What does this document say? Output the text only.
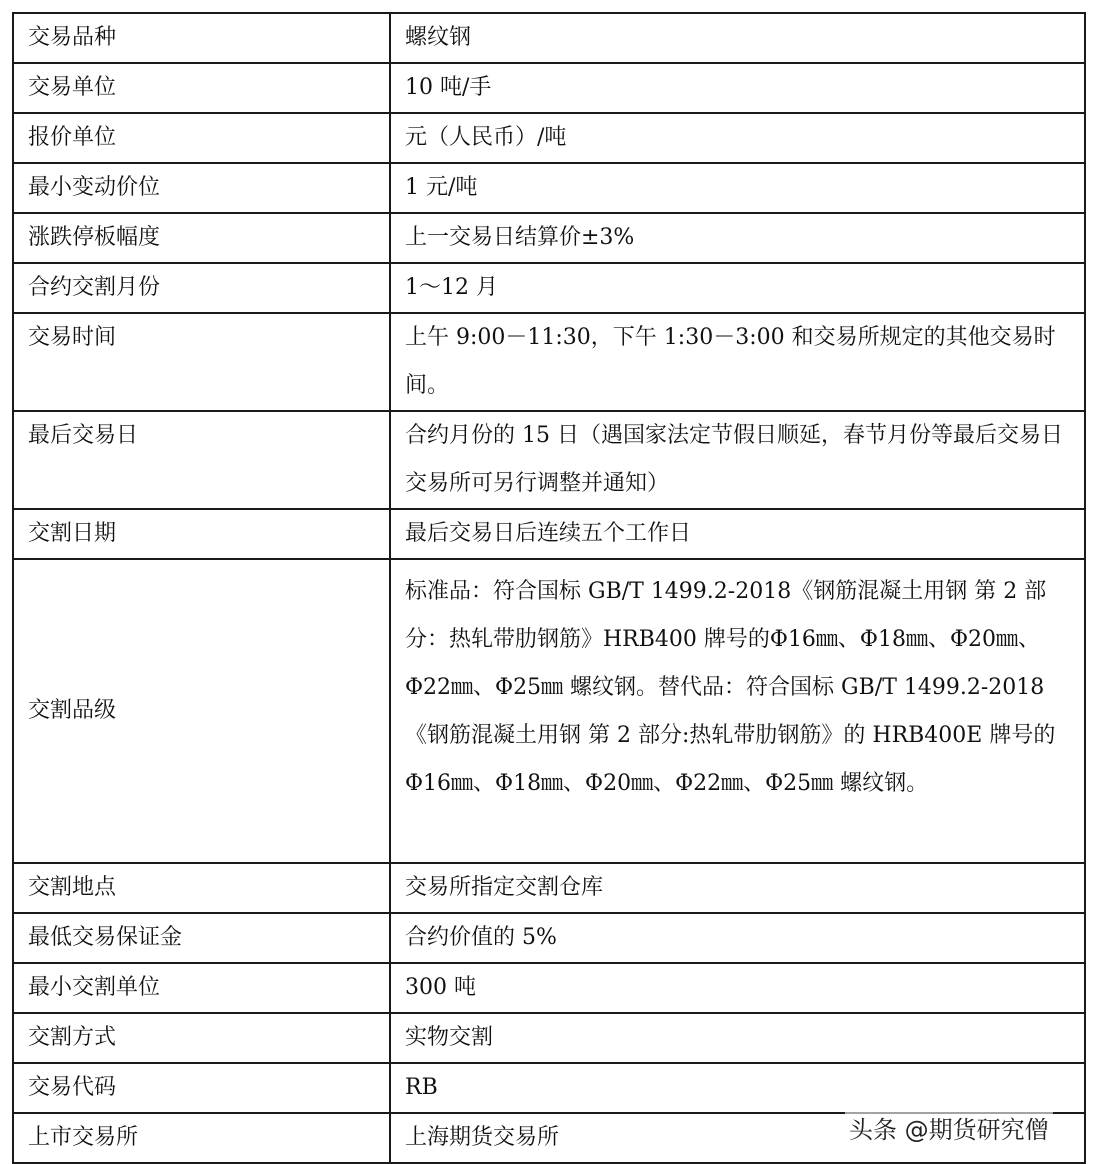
交易品种	螺纹钢
交易单位	10 吨/手
报价单位	元（人民币）/吨
最小变动价位	1 元/吨
涨跌停板幅度	上一交易日结算价±3%
合约交割月份	1～12 月
交易时间	上午 9:00－11:30，下午 1:30－3:00 和交易所规定的其他交易时间。
最后交易日	合约月份的 15 日（遇国家法定节假日顺延，春节月份等最后交易日交易所可另行调整并通知）
交割日期	最后交易日后连续五个工作日
交割品级	标准品：符合国标 GB/T 1499.2-2018《钢筋混凝土用钢 第 2 部分：热轧带肋钢筋》HRB400 牌号的Φ16㎜、Φ18㎜、Φ20㎜、Φ22㎜、Φ25㎜ 螺纹钢。替代品：符合国标 GB/T 1499.2-2018《钢筋混凝土用钢 第 2 部分:热轧带肋钢筋》的 HRB400E 牌号的Φ16㎜、Φ18㎜、Φ20㎜、Φ22㎜、Φ25㎜ 螺纹钢。
交割地点	交易所指定交割仓库
最低交易保证金	合约价值的 5%
最小交割单位	300 吨
交割方式	实物交割
交易代码	RB
上市交易所	上海期货交易所	头条 @期货研究僧
